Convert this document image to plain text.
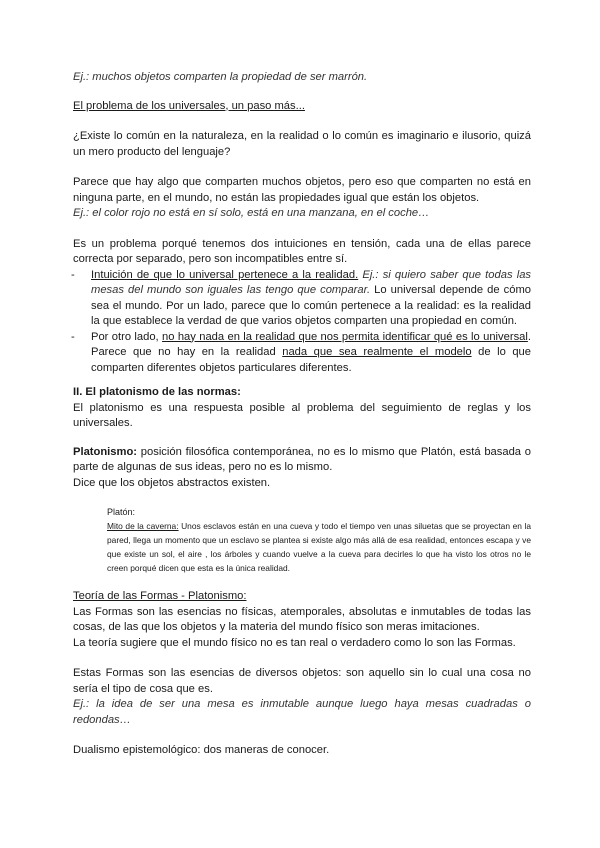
Ej.: muchos objetos comparten la propiedad de ser marrón.

El problema de los universales, un paso más...

¿Existe lo común en la naturaleza, en la realidad o lo común es imaginario e ilusorio, quizá un mero producto del lenguaje?

Parece que hay algo que comparten muchos objetos, pero eso que comparten no está en ninguna parte, en el mundo, no están las propiedades igual que están los objetos.

Ej.: el color rojo no está en sí solo, está en una manzana, en el coche…

Es un problema porqué tenemos dos intuiciones en tensión, cada una de ellas parece correcta por separado, pero son incompatibles entre sí.

- Intuición de que lo universal pertenece a la realidad. Ej.: si quiero saber que todas las mesas del mundo son iguales las tengo que comparar. Lo universal depende de cómo sea el mundo. Por un lado, parece que lo común pertenece a la realidad: es la realidad la que establece la verdad de que varios objetos comparten una propiedad en común.
- Por otro lado, no hay nada en la realidad que nos permita identificar qué es lo universal. Parece que no hay en la realidad nada que sea realmente el modelo de lo que comparten diferentes objetos particulares diferentes.

II. El platonismo de las normas:

El platonismo es una respuesta posible al problema del seguimiento de reglas y los universales.

Platonismo: posición filosófica contemporánea, no es lo mismo que Platón, está basada o parte de algunas de sus ideas, pero no es lo mismo.

Dice que los objetos abstractos existen.

Platón:

Mito de la caverna: Unos esclavos están en una cueva y todo el tiempo ven unas siluetas que se proyectan en la pared, llega un momento que un esclavo se plantea si existe algo más allá de esa realidad, entonces escapa y ve que existe un sol, el aire , los árboles y cuando vuelve a la cueva para decirles lo que ha visto los otros no le creen porqué dicen que esta es la única realidad.

Teoría de las Formas - Platonismo:

Las Formas son las esencias no físicas, atemporales, absolutas e inmutables de todas las cosas, de las que los objetos y la materia del mundo físico son meras imitaciones.

La teoría sugiere que el mundo físico no es tan real o verdadero como lo son las Formas.

Estas Formas son las esencias de diversos objetos: son aquello sin lo cual una cosa no sería el tipo de cosa que es.

Ej.: la idea de ser una mesa es inmutable aunque luego haya mesas cuadradas o redondas…

Dualismo epistemológico: dos maneras de conocer.
